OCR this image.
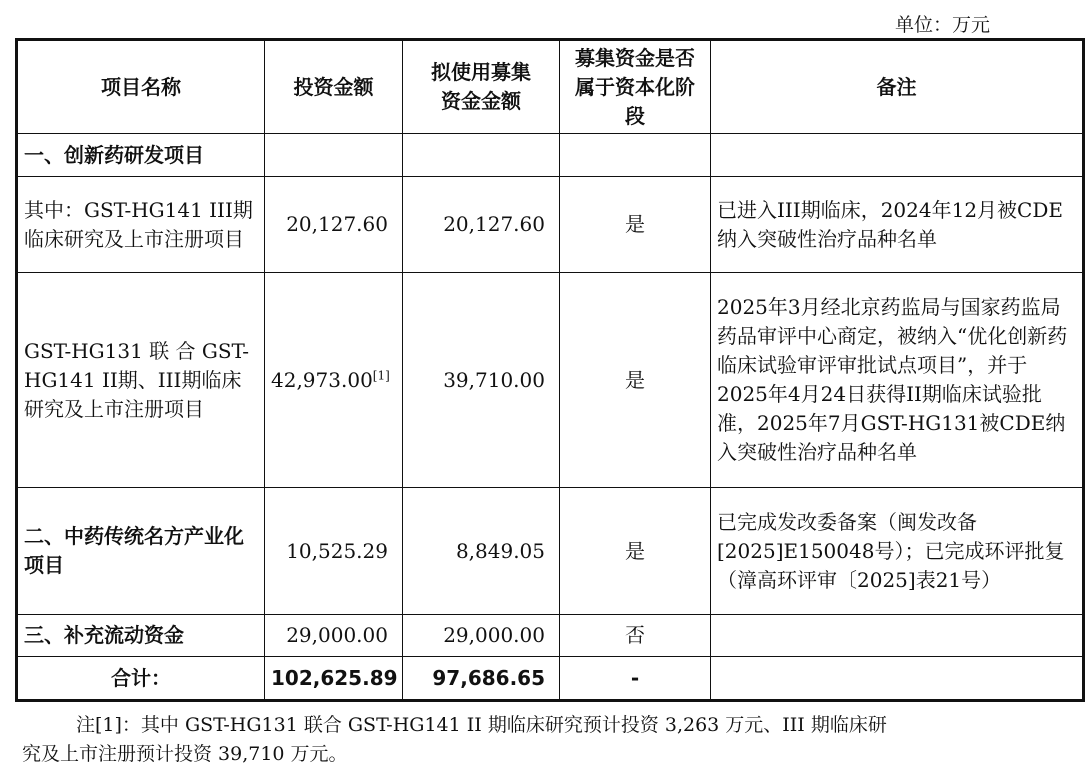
单位：万元
项目名称	投资金额	拟使用募集资金金额	募集资金是否属于资本化阶段	备注
一、创新药研发项目				
其中：GST-HG141 III期临床研究及上市注册项目	20,127.60	20,127.60	是	已进入III期临床，2024年12月被CDE纳入突破性治疗品种名单
GST-HG131 联 合 GST-HG141 II期、III期临床研究及上市注册项目	42,973.00[1]	39,710.00	是	2025年3月经北京药监局与国家药监局药品审评中心商定，被纳入“优化创新药临床试验审评审批试点项目”，并于2025年4月24日获得II期临床试验批准，2025年7月GST-HG131被CDE纳入突破性治疗品种名单
二、中药传统名方产业化项目	10,525.29	8,849.05	是	已完成发改委备案（闽发改备[2025]E150048号）；已完成环评批复（漳高环评审〔2025]表21号）
三、补充流动资金	29,000.00	29,000.00	否	
合计：	102,625.89	97,686.65	-	
注[1]：其中 GST-HG131 联合 GST-HG141 II 期临床研究预计投资 3,263 万元、III 期临床研
究及上市注册预计投资 39,710 万元。
